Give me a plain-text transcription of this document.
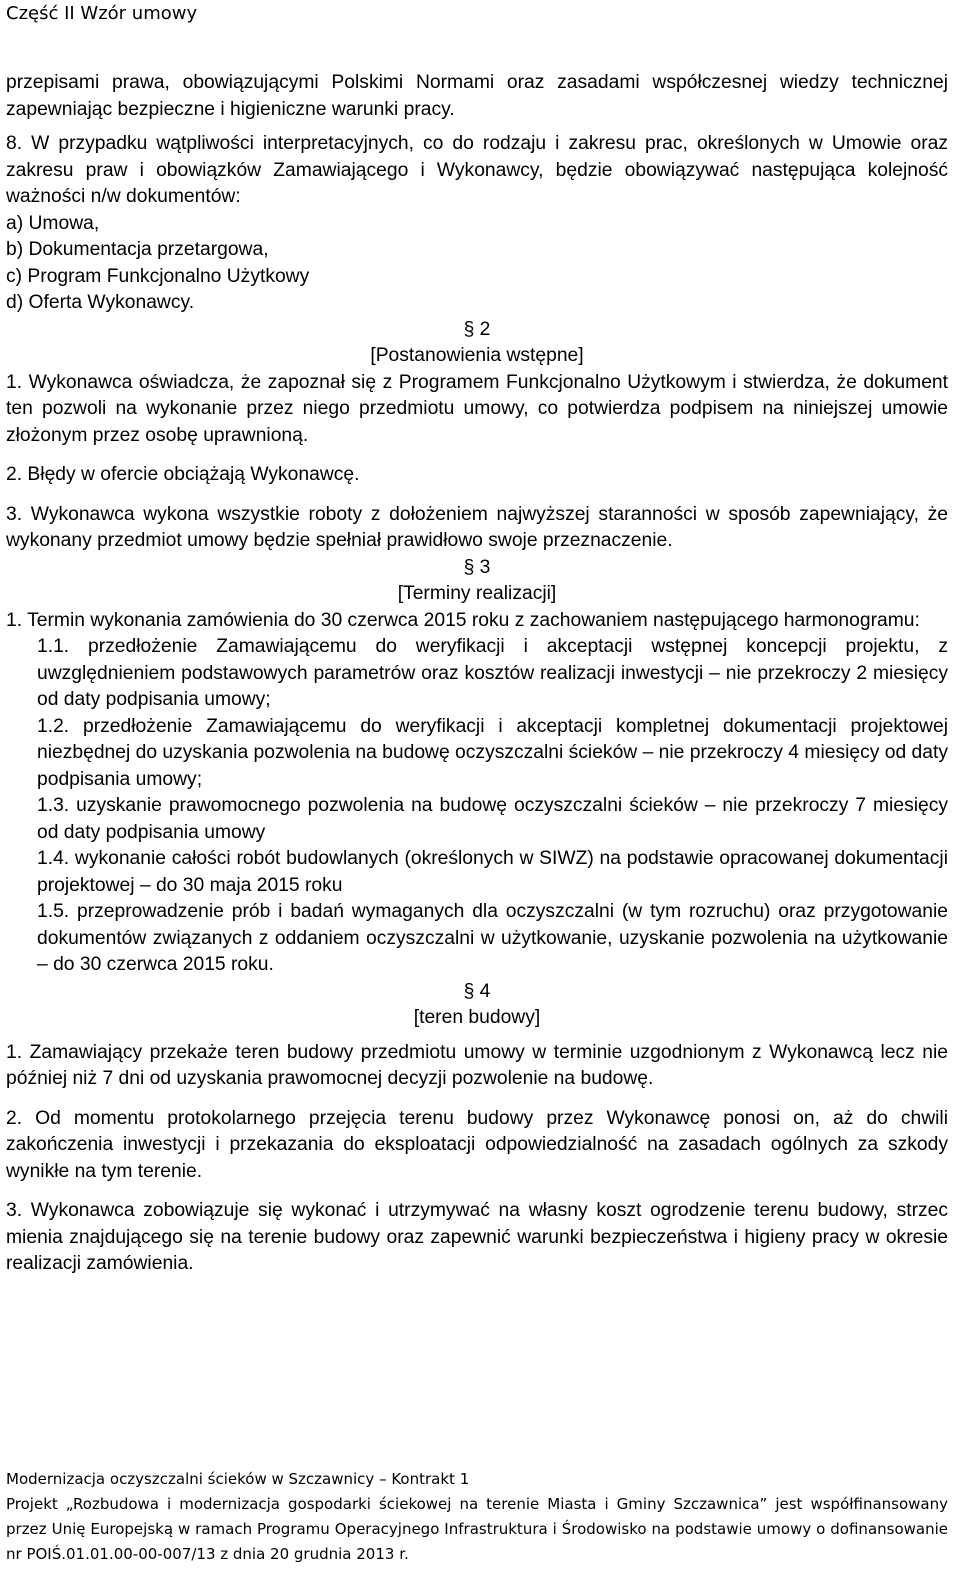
Część II Wzór umowy

przepisami prawa, obowiązującymi Polskimi Normami oraz zasadami współczesnej wiedzy technicznej zapewniając bezpieczne i higieniczne warunki pracy.

8. W przypadku wątpliwości interpretacyjnych, co do rodzaju i zakresu prac, określonych w Umowie oraz zakresu praw i obowiązków Zamawiającego i Wykonawcy, będzie obowiązywać następująca kolejność ważności n/w dokumentów:

a) Umowa,

b) Dokumentacja przetargowa,

c) Program Funkcjonalno Użytkowy

d) Oferta Wykonawcy.

§ 2

[Postanowienia wstępne]

1. Wykonawca oświadcza, że zapoznał się z Programem Funkcjonalno Użytkowym i stwierdza, że dokument ten pozwoli na wykonanie przez niego przedmiotu umowy, co potwierdza podpisem na niniejszej umowie złożonym przez osobę uprawnioną.

2. Błędy w ofercie obciążają Wykonawcę.

3. Wykonawca wykona wszystkie roboty z dołożeniem najwyższej staranności w sposób zapewniający, że wykonany przedmiot umowy będzie spełniał prawidłowo swoje przeznaczenie.

§ 3

[Terminy realizacji]

1. Termin wykonania zamówienia do 30 czerwca 2015 roku z zachowaniem następującego harmonogramu:

1.1. przedłożenie Zamawiającemu do weryfikacji i akceptacji wstępnej koncepcji projektu, z uwzględnieniem podstawowych parametrów oraz kosztów realizacji inwestycji – nie przekroczy 2 miesięcy od daty podpisania umowy;

1.2. przedłożenie Zamawiającemu do weryfikacji i akceptacji kompletnej dokumentacji projektowej niezbędnej do uzyskania pozwolenia na budowę oczyszczalni ścieków – nie przekroczy 4 miesięcy od daty podpisania umowy;

1.3. uzyskanie prawomocnego pozwolenia na budowę oczyszczalni ścieków – nie przekroczy 7 miesięcy od daty podpisania umowy

1.4. wykonanie całości robót budowlanych (określonych w SIWZ) na podstawie opracowanej dokumentacji projektowej – do 30 maja 2015 roku

1.5. przeprowadzenie prób i badań wymaganych dla oczyszczalni (w tym rozruchu) oraz przygotowanie dokumentów związanych z oddaniem oczyszczalni w użytkowanie, uzyskanie pozwolenia na użytkowanie – do 30 czerwca 2015 roku.

§ 4

[teren budowy]

1. Zamawiający przekaże teren budowy przedmiotu umowy w terminie uzgodnionym z Wykonawcą lecz nie później niż 7 dni od uzyskania prawomocnej decyzji pozwolenie na budowę.

2. Od momentu protokolarnego przejęcia terenu budowy przez Wykonawcę ponosi on, aż do chwili zakończenia inwestycji i przekazania do eksploatacji odpowiedzialność na zasadach ogólnych za szkody wynikłe na tym terenie.

3. Wykonawca zobowiązuje się wykonać i utrzymywać na własny koszt ogrodzenie terenu budowy, strzec mienia znajdującego się na terenie budowy oraz zapewnić warunki bezpieczeństwa i higieny pracy w okresie realizacji zamówienia.

Modernizacja oczyszczalni ścieków w Szczawnicy – Kontrakt 1

Projekt „Rozbudowa i modernizacja gospodarki ściekowej na terenie Miasta i Gminy Szczawnica” jest współfinansowany przez Unię Europejską w ramach Programu Operacyjnego Infrastruktura i Środowisko na podstawie umowy o dofinansowanie nr POIŚ.01.01.00-00-007/13 z dnia 20 grudnia 2013 r.
